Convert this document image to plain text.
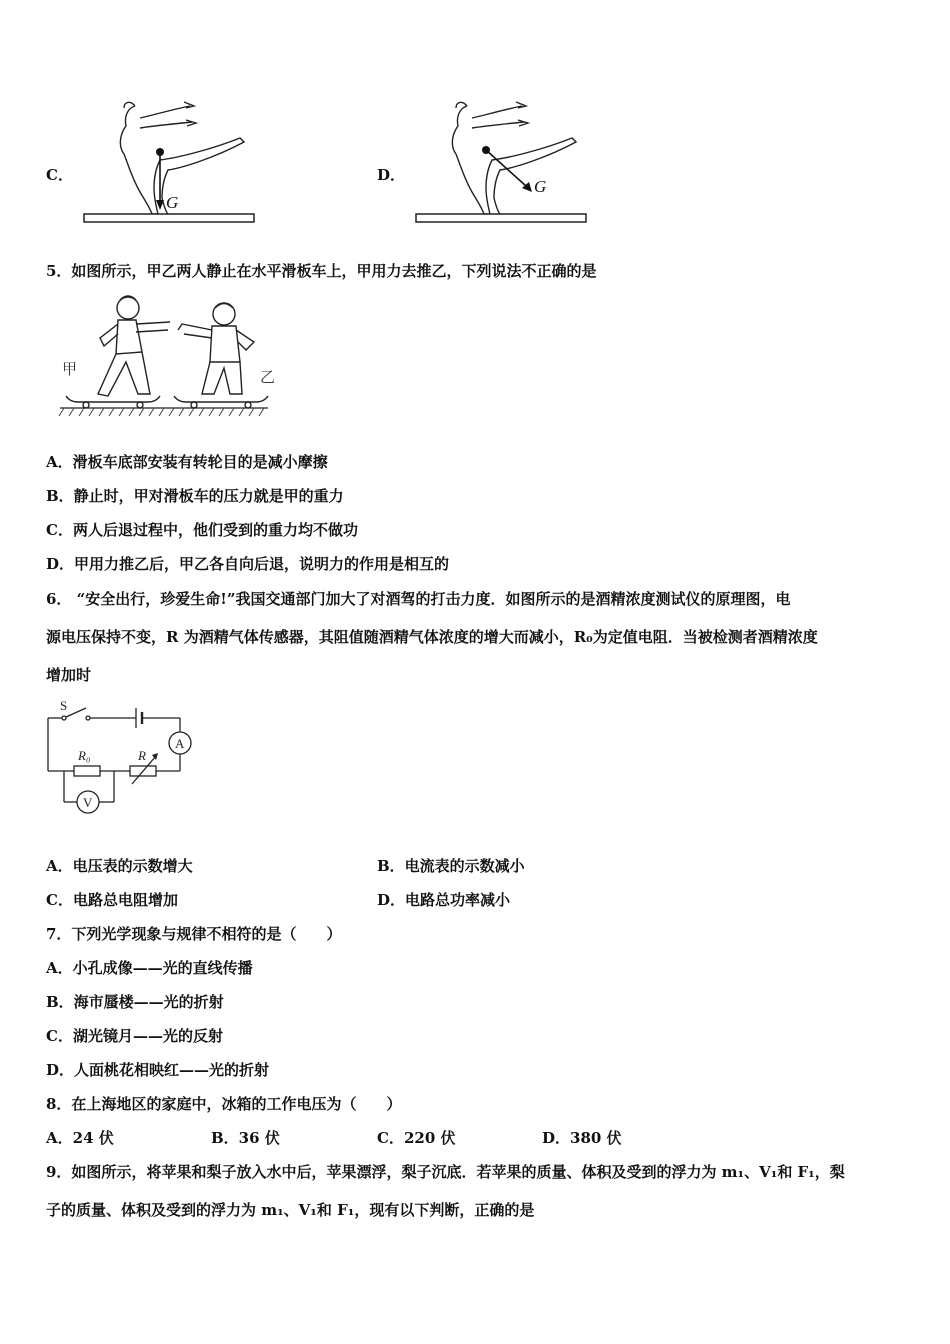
C．
G
D．
G
5．如图所示，甲乙两人静止在水平滑板车上，甲用力去推乙，下列说法不正确的是
甲	乙
A．滑板车底部安装有转轮目的是减小摩擦
B．静止时，甲对滑板车的压力就是甲的重力
C．两人后退过程中，他们受到的重力均不做功
D．甲用力推乙后，甲乙各自向后退，说明力的作用是相互的
6． “安全出行，珍爱生命!”我国交通部门加大了对酒驾的打击力度．如图所示的是酒精浓度测试仪的原理图，电
源电压保持不变，R 为酒精气体传感器，其阻值随酒精气体浓度的增大而减小，R₀为定值电阻．当被检测者酒精浓度
增加时
S
A
V
R₀	R
A．电压表的示数增大	B．电流表的示数减小
C．电路总电阻增加	D．电路总功率减小
7．下列光学现象与规律不相符的是（　　）
A．小孔成像——光的直线传播
B．海市蜃楼——光的折射
C．湖光镜月——光的反射
D．人面桃花相映红——光的折射
8．在上海地区的家庭中，冰箱的工作电压为（　　）
A．24 伏	B．36 伏	C．220 伏	D．380 伏
9．如图所示，将苹果和梨子放入水中后，苹果漂浮，梨子沉底．若苹果的质量、体积及受到的浮力为 m₁、V₁和 F₁，梨
子的质量、体积及受到的浮力为 m₁、V₁和 F₁，现有以下判断，正确的是
